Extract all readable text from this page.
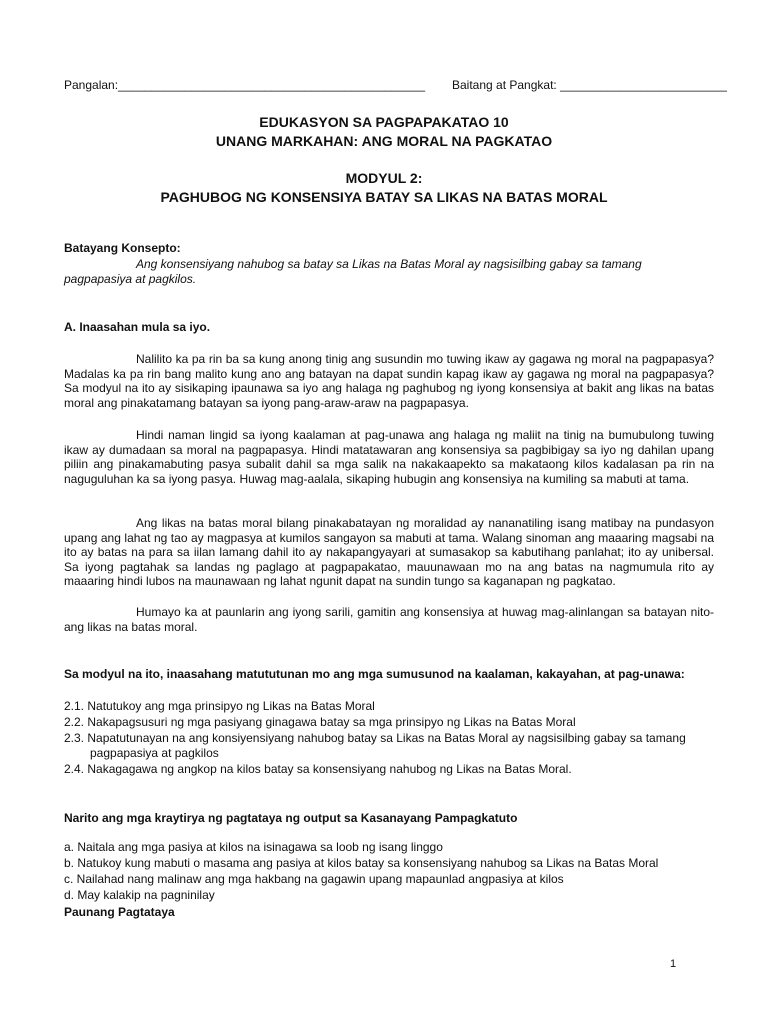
Pangalan:______________________________________________ Baitang at Pangkat: _________________________
EDUKASYON SA PAGPAPAKATAO 10
UNANG MARKAHAN: ANG MORAL NA PAGKATAO
MODYUL 2:
PAGHUBOG NG KONSENSIYA BATAY SA LIKAS NA BATAS MORAL
Batayang Konsepto:

Ang konsensiyang nahubog sa batay sa Likas na Batas Moral ay nagsisilbing gabay sa tamang
pagpapasiya at pagkilos.

A. Inaasahan mula sa iyo.

Nalilito ka pa rin ba sa kung anong tinig ang susundin mo tuwing ikaw ay gagawa ng moral na pagpapasya? Madalas ka pa rin bang malito kung ano ang batayan na dapat sundin kapag ikaw ay gagawa ng moral na pagpapasya? Sa modyul na ito ay sisikaping ipaunawa sa iyo ang halaga ng paghubog ng iyong konsensiya at bakit ang likas na batas moral ang pinakatamang batayan sa iyong pang-araw-araw na pagpapasya.

Hindi naman lingid sa iyong kaalaman at pag-unawa ang halaga ng maliit na tinig na bumubulong tuwing ikaw ay dumadaan sa moral na pagpapasya. Hindi matatawaran ang konsensiya sa pagbibigay sa iyo ng dahilan upang piliin ang pinakamabuting pasya subalit dahil sa mga salik na nakakaapekto sa makataong kilos kadalasan pa rin na naguguluhan ka sa iyong pasya. Huwag mag-aalala, sikaping hubugin ang konsensiya na kumiling sa mabuti at tama.

Ang likas na batas moral bilang pinakabatayan ng moralidad ay nananatiling isang matibay na pundasyon upang ang lahat ng tao ay magpasya at kumilos sangayon sa mabuti at tama. Walang sinoman ang maaaring magsabi na ito ay batas na para sa iilan lamang dahil ito ay nakapangyayari at sumasakop sa kabutihang panlahat; ito ay unibersal. Sa iyong pagtahak sa landas ng paglago at pagpapakatao, mauunawaan mo na ang batas na nagmumula rito ay maaaring hindi lubos na maunawaan ng lahat ngunit dapat na sundin tungo sa kaganapan ng pagkatao.

Humayo ka at paunlarin ang iyong sarili, gamitin ang konsensiya at huwag mag-alinlangan sa batayan nito-ang likas na batas moral.

Sa modyul na ito, inaasahang matututunan mo ang mga sumusunod na kaalaman, kakayahan, at pag-unawa:
2.1. Natutukoy ang mga prinsipyo ng Likas na Batas Moral
2.2. Nakapagsusuri ng mga pasiyang ginagawa batay sa mga prinsipyo ng Likas na Batas Moral
2.3. Napatutunayan na ang konsiyensiyang nahubog batay sa Likas na Batas Moral ay nagsisilbing gabay sa tamang pagpapasiya at pagkilos
2.4. Nakagagawa ng angkop na kilos batay sa konsensiyang nahubog ng Likas na Batas Moral.
Narito ang mga kraytirya ng pagtataya ng output sa Kasanayang Pampagkatuto
a. Naitala ang mga pasiya at kilos na isinagawa sa loob ng isang linggo
b. Natukoy kung mabuti o masama ang pasiya at kilos batay sa konsensiyang nahubog sa Likas na Batas Moral
c. Nailahad nang malinaw ang mga hakbang na gagawin upang mapaunlad angpasiya at kilos
d. May kalakip na pagninilay
Paunang Pagtataya
1
